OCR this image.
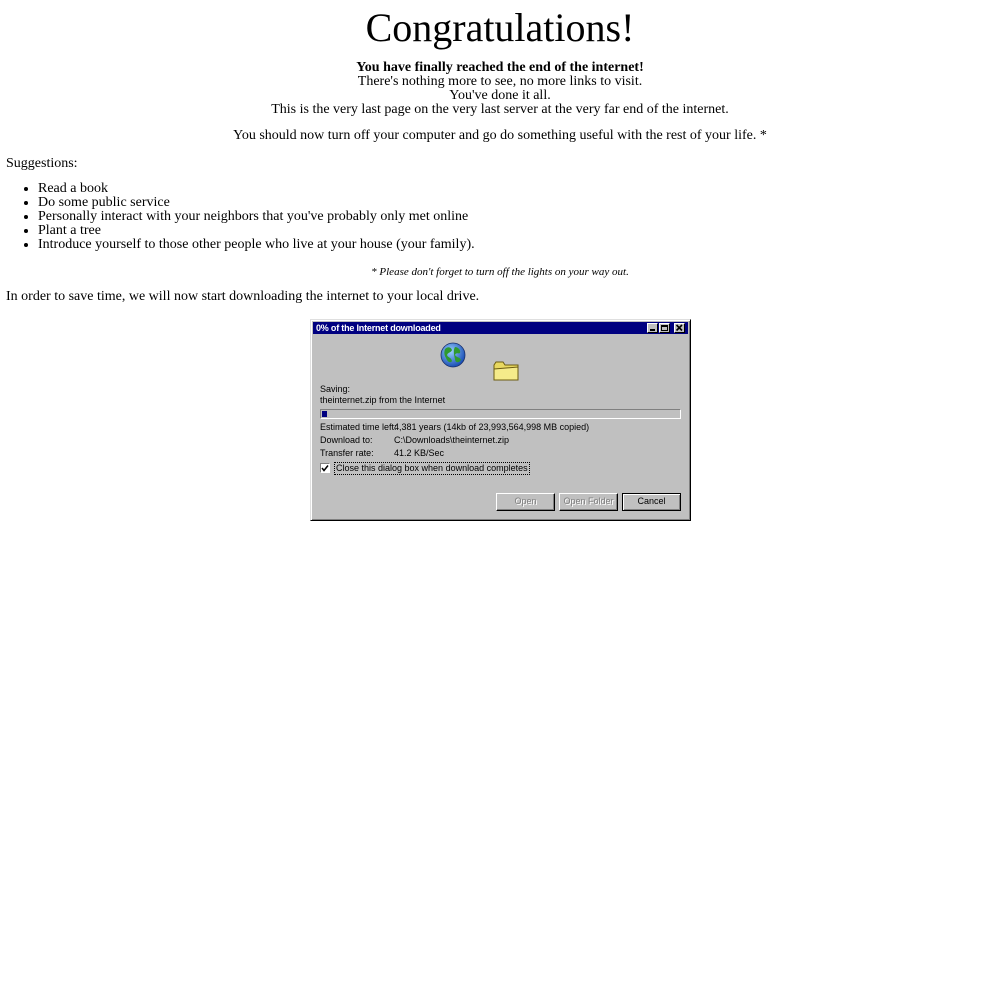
Congratulations!
You have finally reached the end of the internet!
There's nothing more to see, no more links to visit.
You've done it all.
This is the very last page on the very last server at the very far end of the internet.
You should now turn off your computer and go do something useful with the rest of your life. *
Suggestions:
• Read a book
• Do some public service
• Personally interact with your neighbors that you've probably only met online
• Plant a tree
• Introduce yourself to those other people who live at your house (your family).
* Please don't forget to turn off the lights on your way out.
In order to save time, we will now start downloading the internet to your local drive.
0% of the Internet downloaded
Saving:
theinternet.zip from the Internet
Estimated time left:
4,381 years (14kb of 23,993,564,998 MB copied)
Download to: C:\Downloads\theinternet.zip
Transfer rate: 41.2 KB/Sec
Close this dialog box when download completes
Open	Open Folder	Cancel
